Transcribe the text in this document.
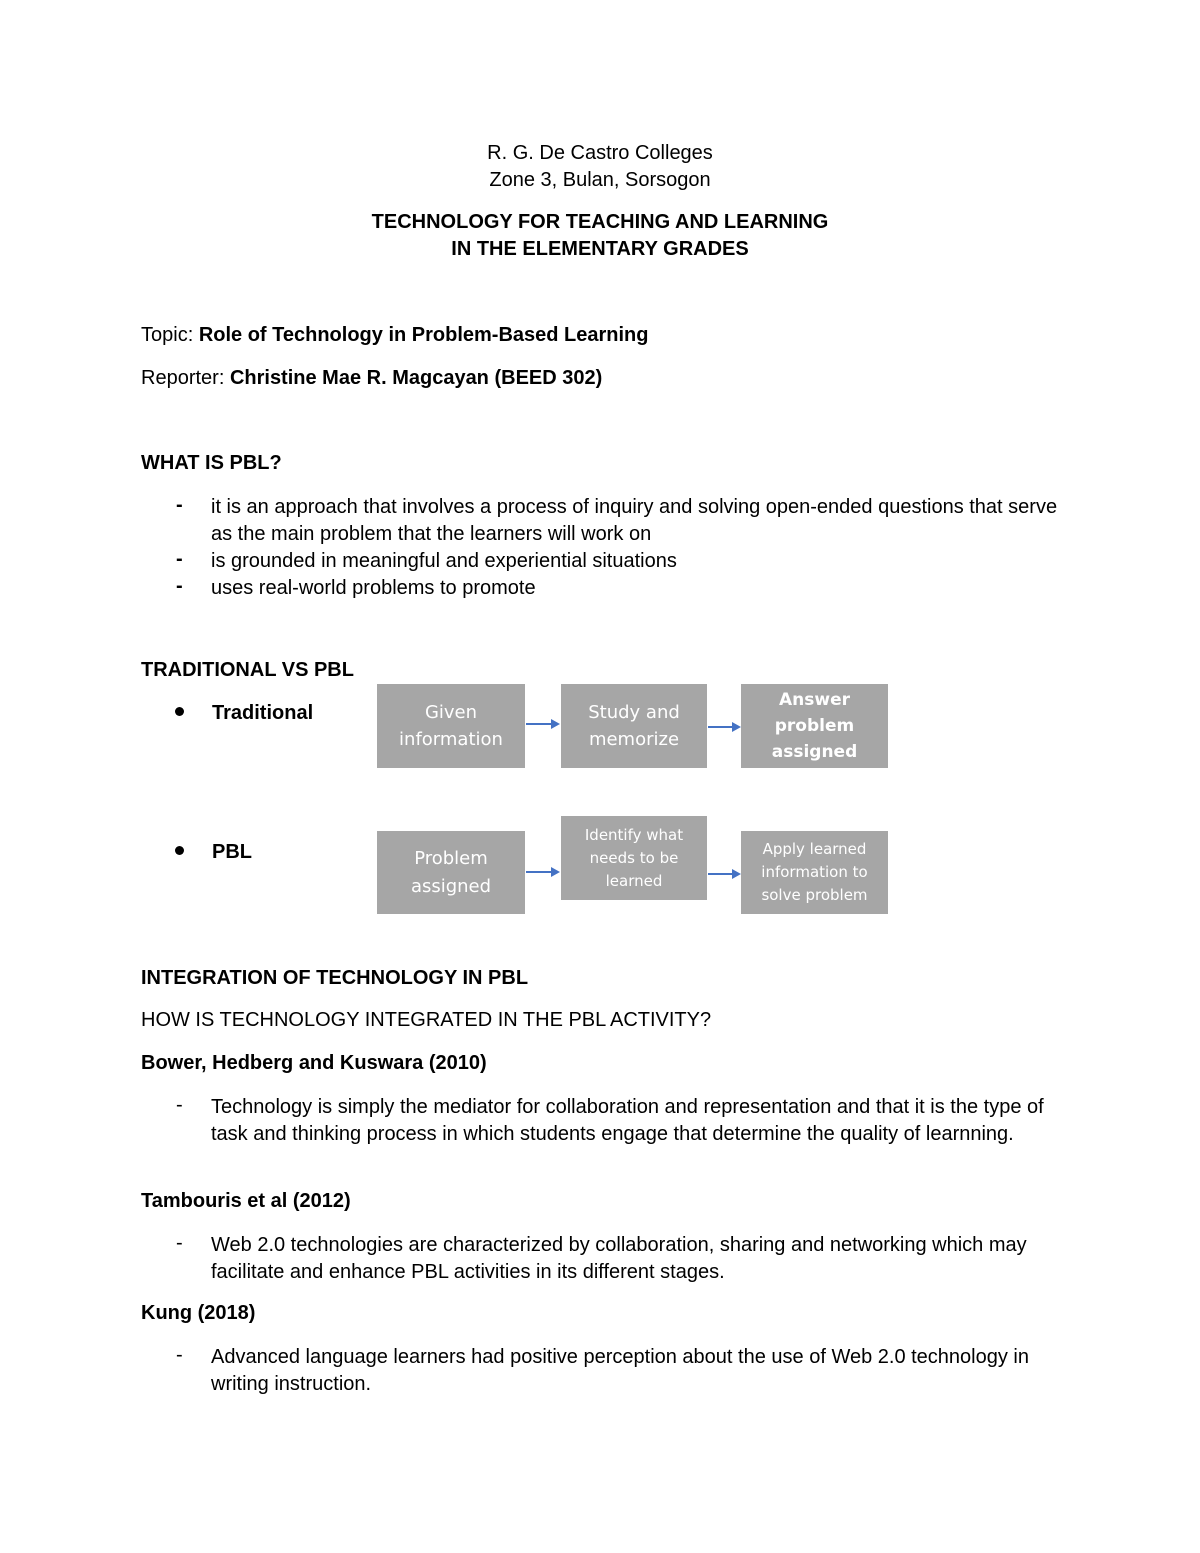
R. G. De Castro Colleges
Zone 3, Bulan, Sorsogon
TECHNOLOGY FOR TEACHING AND LEARNING
IN THE ELEMENTARY GRADES
Topic: Role of Technology in Problem-Based Learning
Reporter: Christine Mae R. Magcayan (BEED 302)
WHAT IS PBL?
- it is an approach that involves a process of inquiry and solving open-ended questions that serve as the main problem that the learners will work on
- is grounded in meaningful and experiential situations
- uses real-world problems to promote
TRADITIONAL VS PBL
Traditional	Given information
Study and memorize
Answer problem assigned
PBL	Problem assigned
Identify what needs to be learned
Apply learned information to solve problem
INTEGRATION OF TECHNOLOGY IN PBL
HOW IS TECHNOLOGY INTEGRATED IN THE PBL ACTIVITY?
Bower, Hedberg and Kuswara (2010)
- Technology is simply the mediator for collaboration and representation and that it is the type of task and thinking process in which students engage that determine the quality of learnning.
Tambouris et al (2012)
- Web 2.0 technologies are characterized by collaboration, sharing and networking which may facilitate and enhance PBL activities in its different stages.
Kung (2018)
- Advanced language learners had positive perception about the use of Web 2.0 technology in writing instruction.
